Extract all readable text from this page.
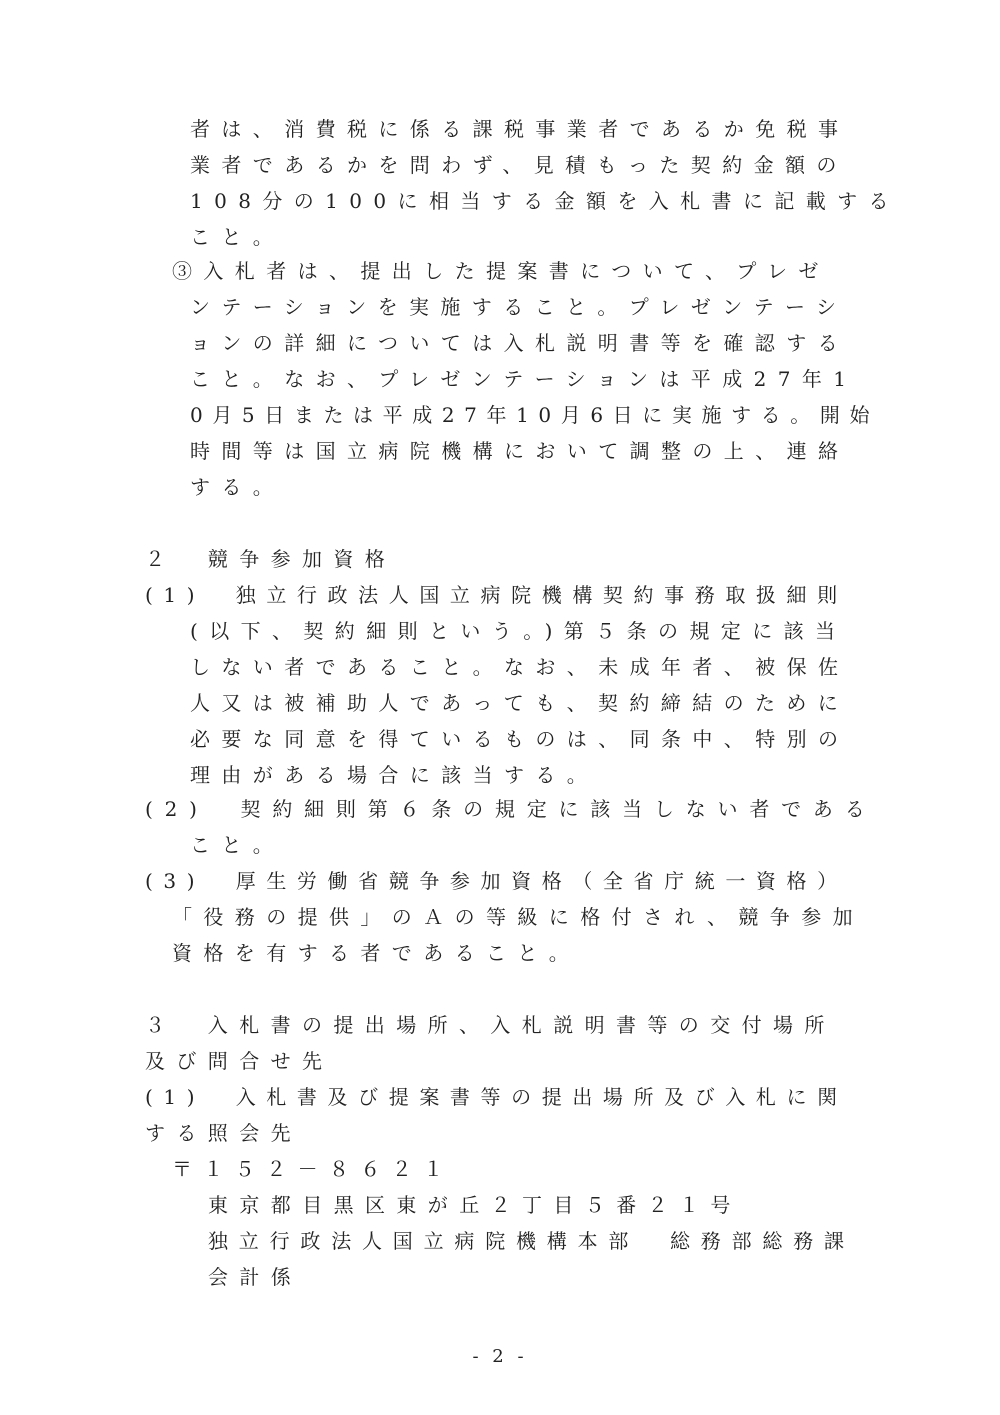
者は、消費税に係る課税事業者であるか免税事

業者であるかを問わず、見積もった契約金額の

108分の100に相当する金額を入札書に記載する

こと。

③入札者は、提出した提案書について、プレゼ

ンテーションを実施すること。プレゼンテーシ

ョンの詳細については入札説明書等を確認する

こと。なお、プレゼンテーションは平成27年1

0月5日または平成27年10月6日に実施する。開始

時間等は国立病院機構において調整の上、連絡

する。

２　競争参加資格

(1)　独立行政法人国立病院機構契約事務取扱細則

(以下、契約細則という。)第５条の規定に該当

しない者であること。なお、未成年者、被保佐

人又は被補助人であっても、契約締結のために

必要な同意を得ているものは、同条中、特別の

理由がある場合に該当する。

(2)　契約細則第６条の規定に該当しない者である

こと。

(3)　厚生労働省競争参加資格（全省庁統一資格）

「役務の提供」のＡの等級に格付され、競争参加

資格を有する者であること。

３　入札書の提出場所、入札説明書等の交付場所

及び問合せ先

(1)　入札書及び提案書等の提出場所及び入札に関

する照会先

〒１５２－８６２１

東京都目黒区東が丘２丁目５番２１号

独立行政法人国立病院機構本部　総務部総務課

会計係

- 2 -
